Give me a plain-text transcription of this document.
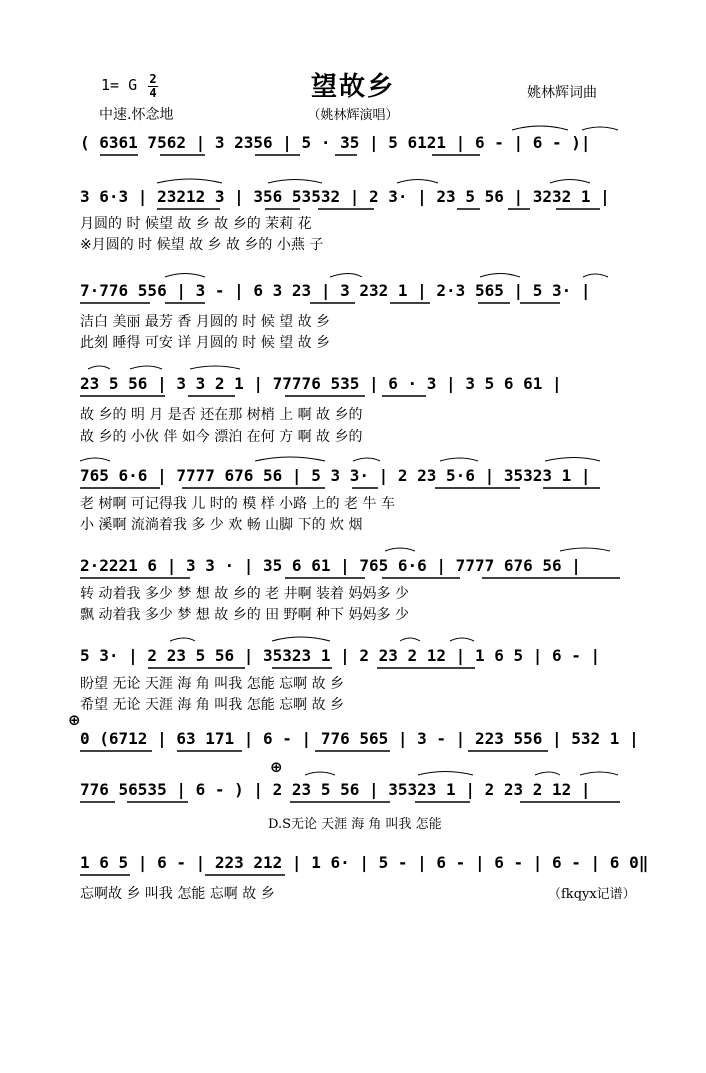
望故乡
1= G 2
4
中速.怀念地	（姚林辉演唱）
姚林辉词曲
( 6361 7562 | 3 2356 | 5 · 35 | 5 6121 | 6 - | 6 - )|
3 6·3 | 23212 3 | 356 53532 | 2 3· | 23 5 56 | 3232 1 |
月圆的 时 候望 故 乡 故 乡的 茉莉 花
※月圆的 时 候望 故 乡 故 乡的 小燕 子
7·776 556 | 3 - | 6 3 23 | 3 232 1 | 2·3 565 | 5 3· |
洁白 美丽 最芳 香 月圆的 时 候 望 故 乡
此刻 睡得 可安 详 月圆的 时 候 望 故 乡
23 5 56 | 3 3 2 1 | 77776 535 | 6 · 3 | 3 5 6 61 |
故 乡的 明 月 是否 还在那 树梢 上 啊 故 乡的
故 乡的 小伙 伴 如今 漂泊 在何 方 啊 故 乡的
765 6·6 | 7777 676 56 | 5 3 3· | 2 23 5·6 | 35323 1 |
老 树啊 可记得我 儿 时的 模 样 小路 上的 老 牛 车
小 溪啊 流淌着我 多 少 欢 畅 山脚 下的 炊 烟
2·2221 6 | 3 3 · | 35 6 61 | 765 6·6 | 7777 676 56 |
转 动着我 多少 梦 想 故 乡的 老 井啊 装着 妈妈多 少
飘 动着我 多少 梦 想 故 乡的 田 野啊 种下 妈妈多 少
5 3· | 2 23 5 56 | 35323 1 | 2 23 2 12 | 1 6 5 | 6 - |
盼望 无论 天涯 海 角 叫我 怎能 忘啊 故 乡
希望 无论 天涯 海 角 叫我 怎能 忘啊 故 乡
⊕
0 (6712 | 63 171 | 6 - | 776 565 | 3 - | 223 556 | 532 1 |
⊕
776 56535 | 6 - ) | 2 23 5 56 | 35323 1 | 2 23 2 12 |
D.S无论 天涯 海 角 叫我 怎能
1 6 5 | 6 - | 223 212 | 1 6· | 5 - | 6 - | 6 - | 6 - | 6 0‖
忘啊故 乡 叫我 怎能 忘啊 故 乡	（fkqyx记谱）
